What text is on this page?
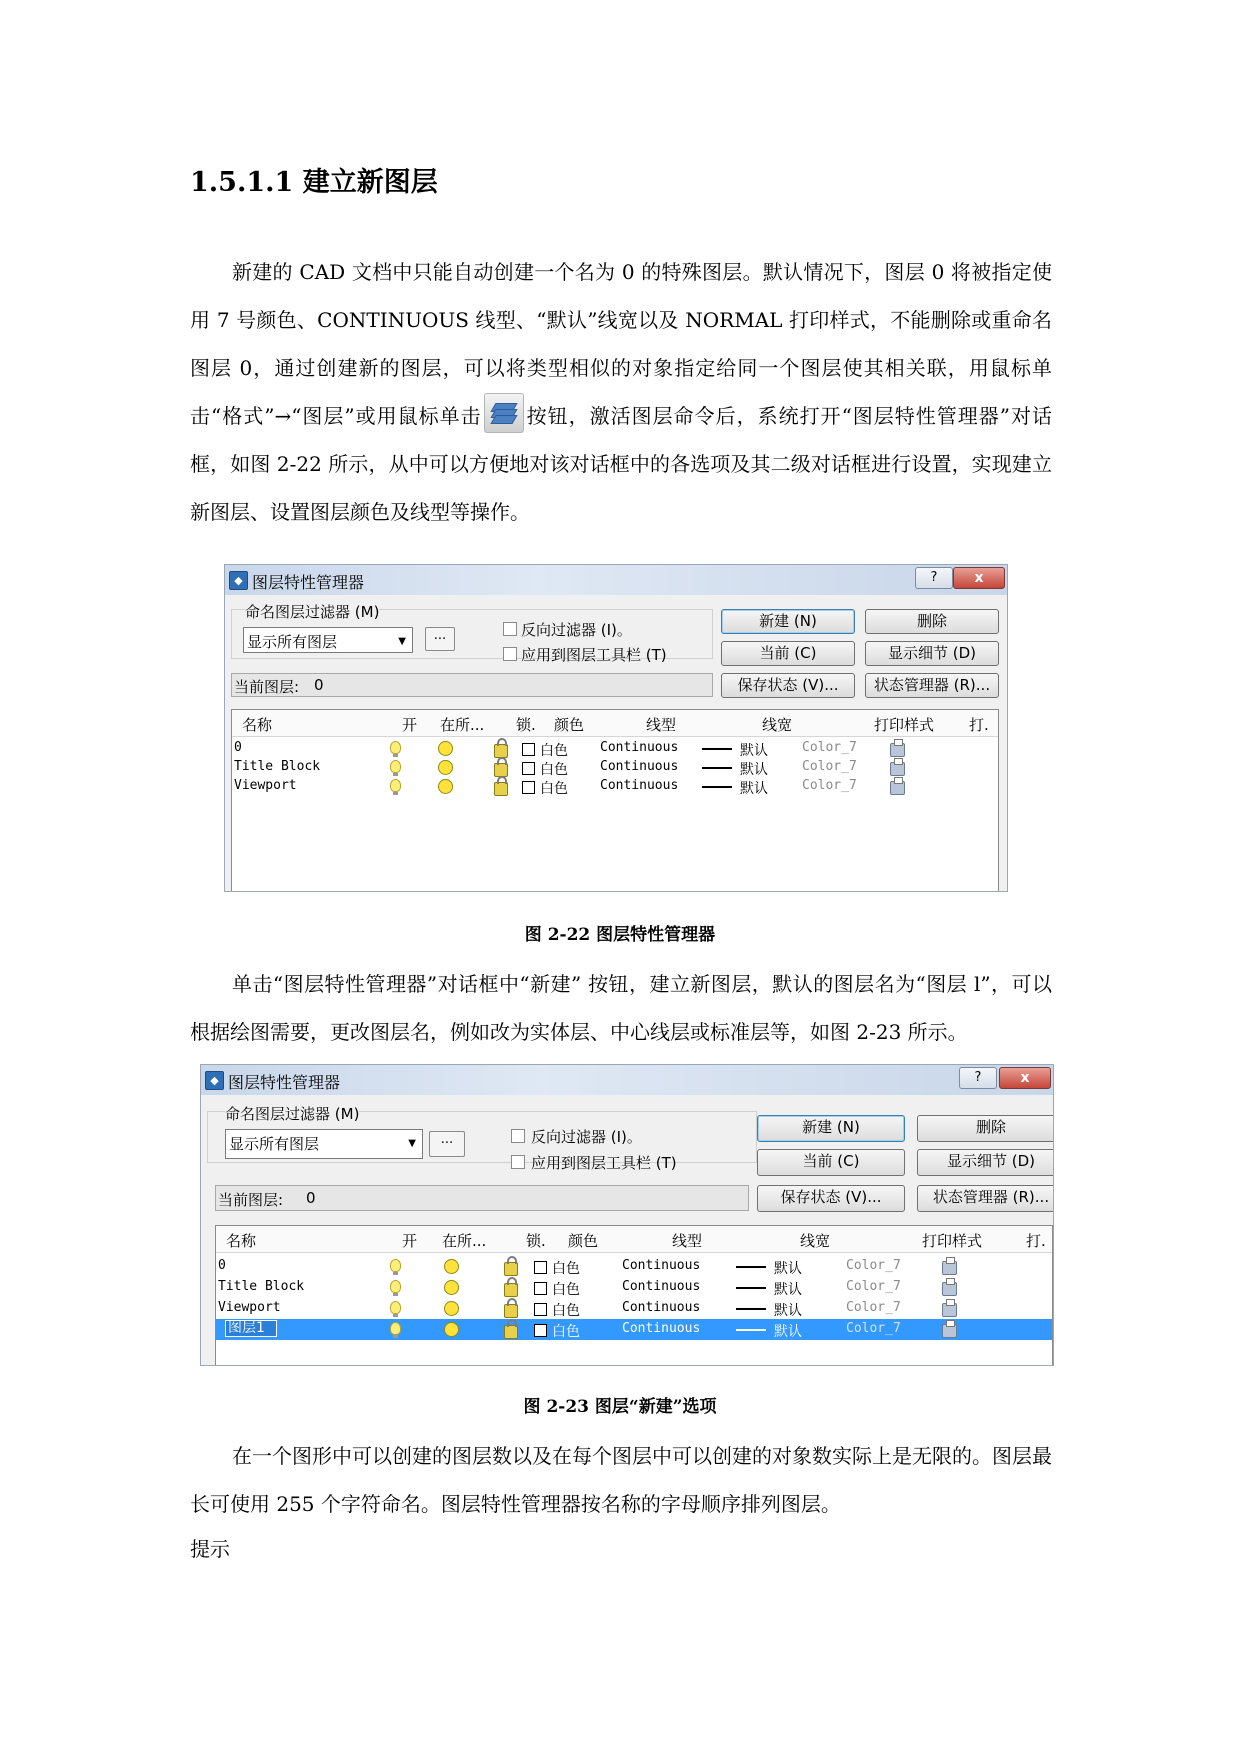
1.5.1.1 建立新图层
新建的 CAD 文档中只能自动创建一个名为 0 的特殊图层。默认情况下，图层 0 将被指定使用 7 号颜色、CONTINUOUS 线型、“默认”线宽以及 NORMAL 打印样式，不能删除或重命名图层 0，通过创建新的图层，可以将类型相似的对象指定给同一个图层使其相关联，用鼠标单击“格式”→“图层”或用鼠标单击 按钮，激活图层命令后，系统打开“图层特性管理器”对话框，如图 2-22 所示，从中可以方便地对该对话框中的各选项及其二级对话框进行设置，实现建立新图层、设置图层颜色及线型等操作。
◆ 图层特性管理器	?	x
命名图层过滤器 (M)
显示所有图层	▼	...	反向过滤器 (I)。
应用到图层工具栏 (T)
新建 (N)	删除
当前 (C)	显示细节 (D)
当前图层: 0	保存状态 (V)...	状态管理器 (R)...
名称	开 在所... 锁. 颜色	线型	线宽	打印样式 打.
0	白色 Continuous	默认	Color_7
Title Block	白色 Continuous	默认	Color_7
Viewport	白色 Continuous	默认	Color_7
图 2-22 图层特性管理器
单击“图层特性管理器”对话框中“新建” 按钮，建立新图层，默认的图层名为“图层 l”，可以根据绘图需要，更改图层名，例如改为实体层、中心线层或标准层等，如图 2-23 所示。
◆ 图层特性管理器	?	x
命名图层过滤器 (M)
显示所有图层	▼	...	反向过滤器 (I)。
应用到图层工具栏 (T)
新建 (N)	删除
当前 (C)	显示细节 (D)
当前图层: 0	保存状态 (V)...	状态管理器 (R)...
名称	开 在所...	锁. 颜色	线型	线宽	打印样式	打.
0	白色	Continuous	默认	Color_7
Title Block	白色	Continuous	默认	Color_7
Viewport	白色	Continuous	默认	Color_7
图层1	白色	Continuous	默认	Color_7
图 2-23 图层“新建”选项
在一个图形中可以创建的图层数以及在每个图层中可以创建的对象数实际上是无限的。图层最长可使用 255 个字符命名。图层特性管理器按名称的字母顺序排列图层。
提示
